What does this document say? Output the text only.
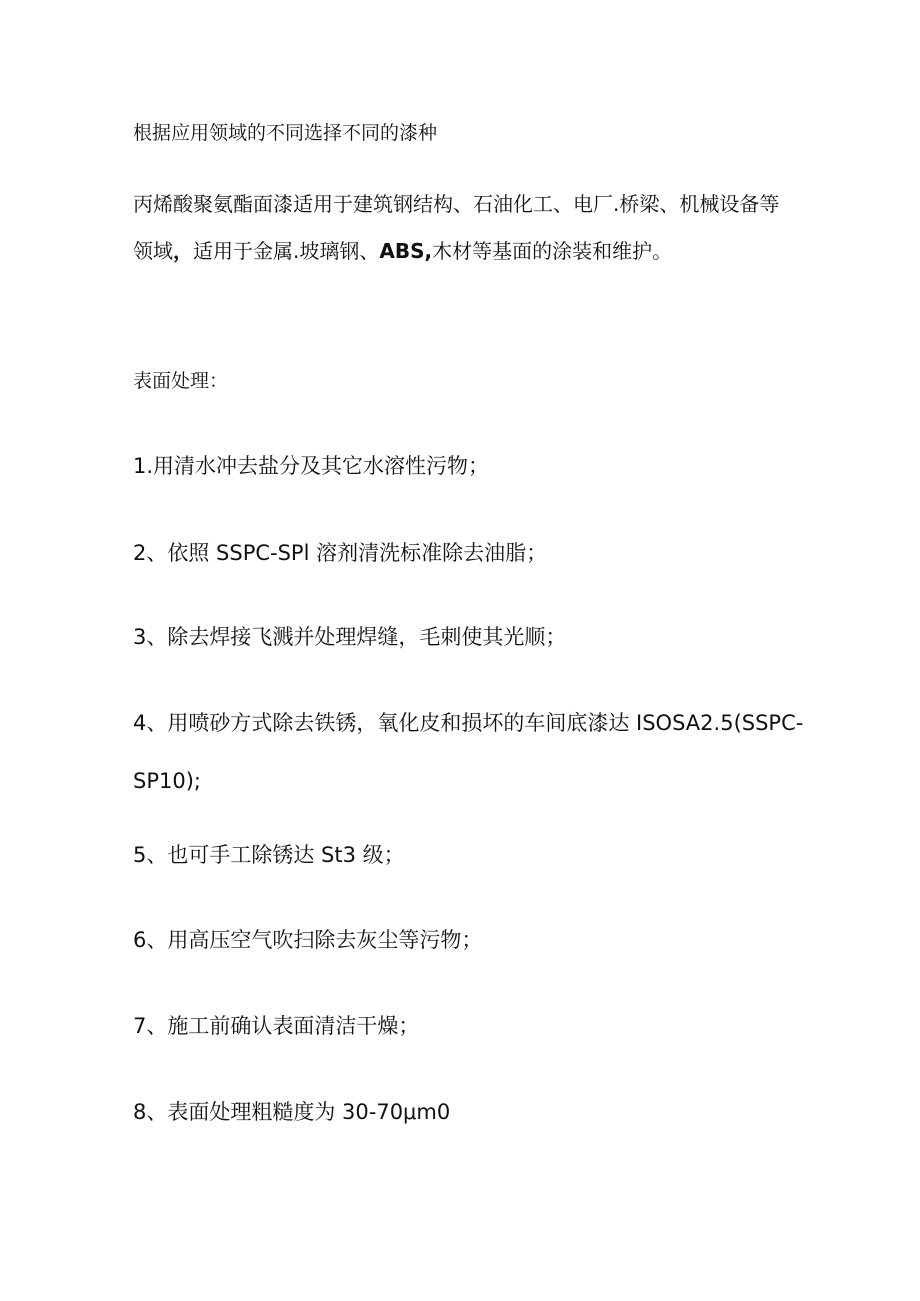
根据应用领域的不同选择不同的漆种
丙烯酸聚氨酯面漆适用于建筑钢结构、石油化工、电厂.桥梁、机械设备等
领域，适用于金属.坡璃钢、ABS,木材等基面的涂装和维护。
表面处理：
1.用清水冲去盐分及其它水溶性污物；
2、依照 SSPC-SPl 溶剂清洗标准除去油脂；
3、除去焊接飞溅并处理焊缝，毛刺使其光顺；
4、用喷砂方式除去铁锈，氧化皮和损坏的车间底漆达 ISOSA2.5(SSPC-
SP10);
5、也可手工除锈达 St3 级；
6、用高压空气吹扫除去灰尘等污物；
7、施工前确认表面清洁干燥；
8、表面处理粗糙度为 30-70μm0
